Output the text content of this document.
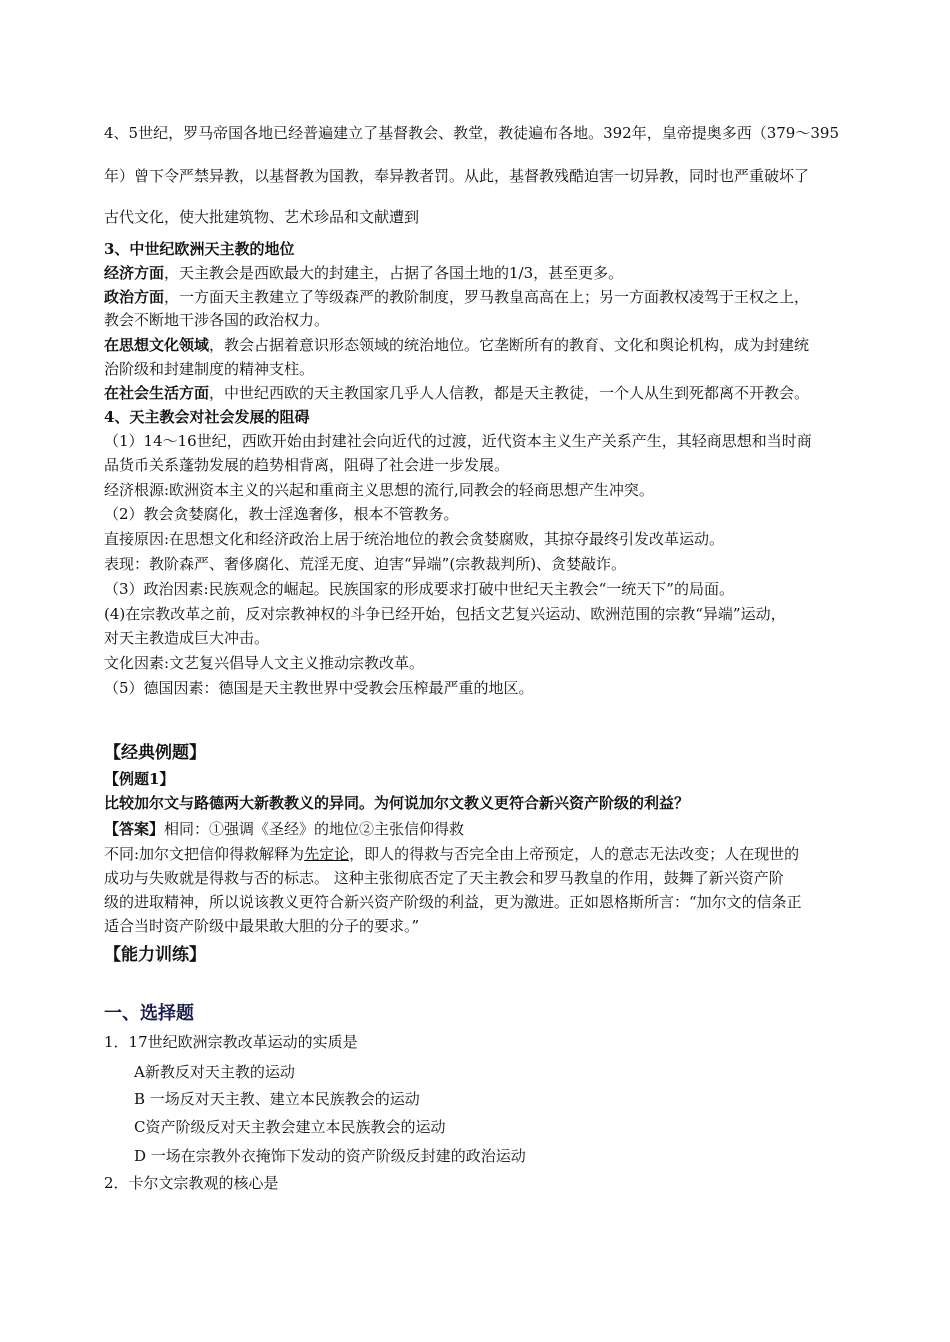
4、5世纪，罗马帝国各地已经普遍建立了基督教会、教堂，教徒遍布各地。392年，皇帝提奥多西（379～395
年）曾下令严禁异教，以基督教为国教，奉异教者罚。从此，基督教残酷迫害一切异教，同时也严重破坏了
古代文化，使大批建筑物、艺术珍品和文献遭到
3、中世纪欧洲天主教的地位
经济方面，天主教会是西欧最大的封建主，占据了各国土地的1/3，甚至更多。
政治方面，一方面天主教建立了等级森严的教阶制度，罗马教皇高高在上；另一方面教权凌驾于王权之上，
教会不断地干涉各国的政治权力。
在思想文化领域，教会占据着意识形态领域的统治地位。它垄断所有的教育、文化和舆论机构，成为封建统
治阶级和封建制度的精神支柱。
在社会生活方面，中世纪西欧的天主教国家几乎人人信教，都是天主教徒，一个人从生到死都离不开教会。
4、天主教会对社会发展的阻碍
（1）14～16世纪，西欧开始由封建社会向近代的过渡，近代资本主义生产关系产生，其轻商思想和当时商
品货币关系蓬勃发展的趋势相背离，阻碍了社会进一步发展。
经济根源:欧洲资本主义的兴起和重商主义思想的流行,同教会的轻商思想产生冲突。
（2）教会贪婪腐化，教士淫逸奢侈，根本不管教务。
直接原因:在思想文化和经济政治上居于统治地位的教会贪婪腐败，其掠夺最终引发改革运动。
表现：教阶森严、奢侈腐化、荒淫无度、迫害“异端”(宗教裁判所)、贪婪敲诈。
（3）政治因素:民族观念的崛起。民族国家的形成要求打破中世纪天主教会“一统天下”的局面。
(4)在宗教改革之前，反对宗教神权的斗争已经开始，包括文艺复兴运动、欧洲范围的宗教“异端”运动，
对天主教造成巨大冲击。
文化因素:文艺复兴倡导人文主义推动宗教改革。
（5）德国因素：德国是天主教世界中受教会压榨最严重的地区。
【经典例题】
【例题1】
比较加尔文与路德两大新教教义的异同。为何说加尔文教义更符合新兴资产阶级的利益？
【答案】相同：①强调《圣经》的地位②主张信仰得救
不同:加尔文把信仰得救解释为先定论，即人的得救与否完全由上帝预定，人的意志无法改变；人在现世的
成功与失败就是得救与否的标志。 这种主张彻底否定了天主教会和罗马教皇的作用，鼓舞了新兴资产阶
级的进取精神，所以说该教义更符合新兴资产阶级的利益，更为激进。正如恩格斯所言：“加尔文的信条正
适合当时资产阶级中最果敢大胆的分子的要求。”
【能力训练】
一、选择题
1．17世纪欧洲宗教改革运动的实质是
A新教反对天主教的运动
B 一场反对天主教、建立本民族教会的运动
C资产阶级反对天主教会建立本民族教会的运动
D 一场在宗教外衣掩饰下发动的资产阶级反封建的政治运动
2．卡尔文宗教观的核心是
